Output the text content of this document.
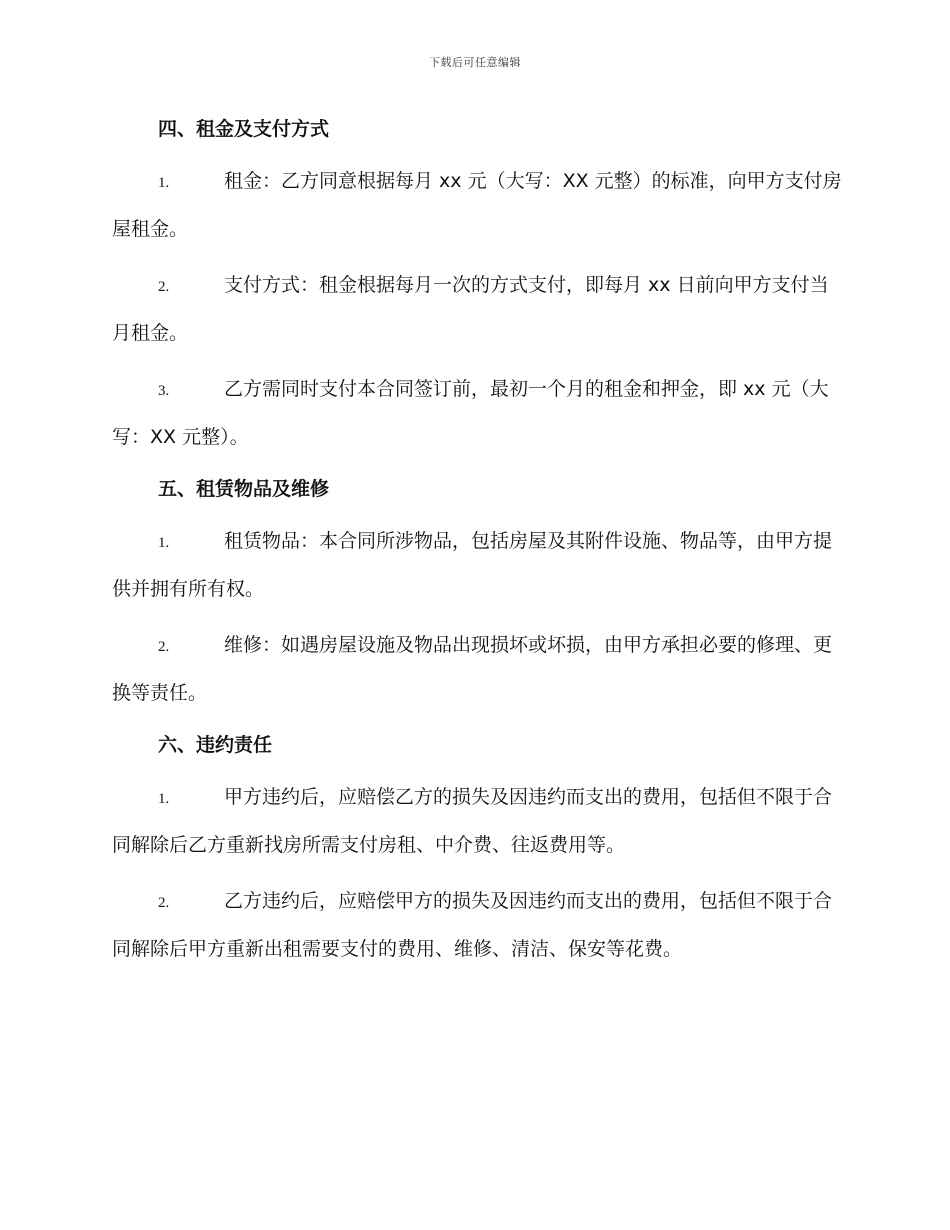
下载后可任意编辑
四、租金及支付方式
1.	租金：乙方同意根据每月 xx 元（大写：XX 元整）的标准，向甲方支付房屋租金。
2.	支付方式：租金根据每月一次的方式支付，即每月 xx 日前向甲方支付当月租金。
3.	乙方需同时支付本合同签订前，最初一个月的租金和押金，即 xx 元（大写：XX 元整）。
五、租赁物品及维修
1.	租赁物品：本合同所涉物品，包括房屋及其附件设施、物品等，由甲方提供并拥有所有权。
2.	维修：如遇房屋设施及物品出现损坏或坏损，由甲方承担必要的修理、更换等责任。
六、违约责任
1.	甲方违约后，应赔偿乙方的损失及因违约而支出的费用，包括但不限于合同解除后乙方重新找房所需支付房租、中介费、往返费用等。
2.	乙方违约后，应赔偿甲方的损失及因违约而支出的费用，包括但不限于合同解除后甲方重新出租需要支付的费用、维修、清洁、保安等花费。
